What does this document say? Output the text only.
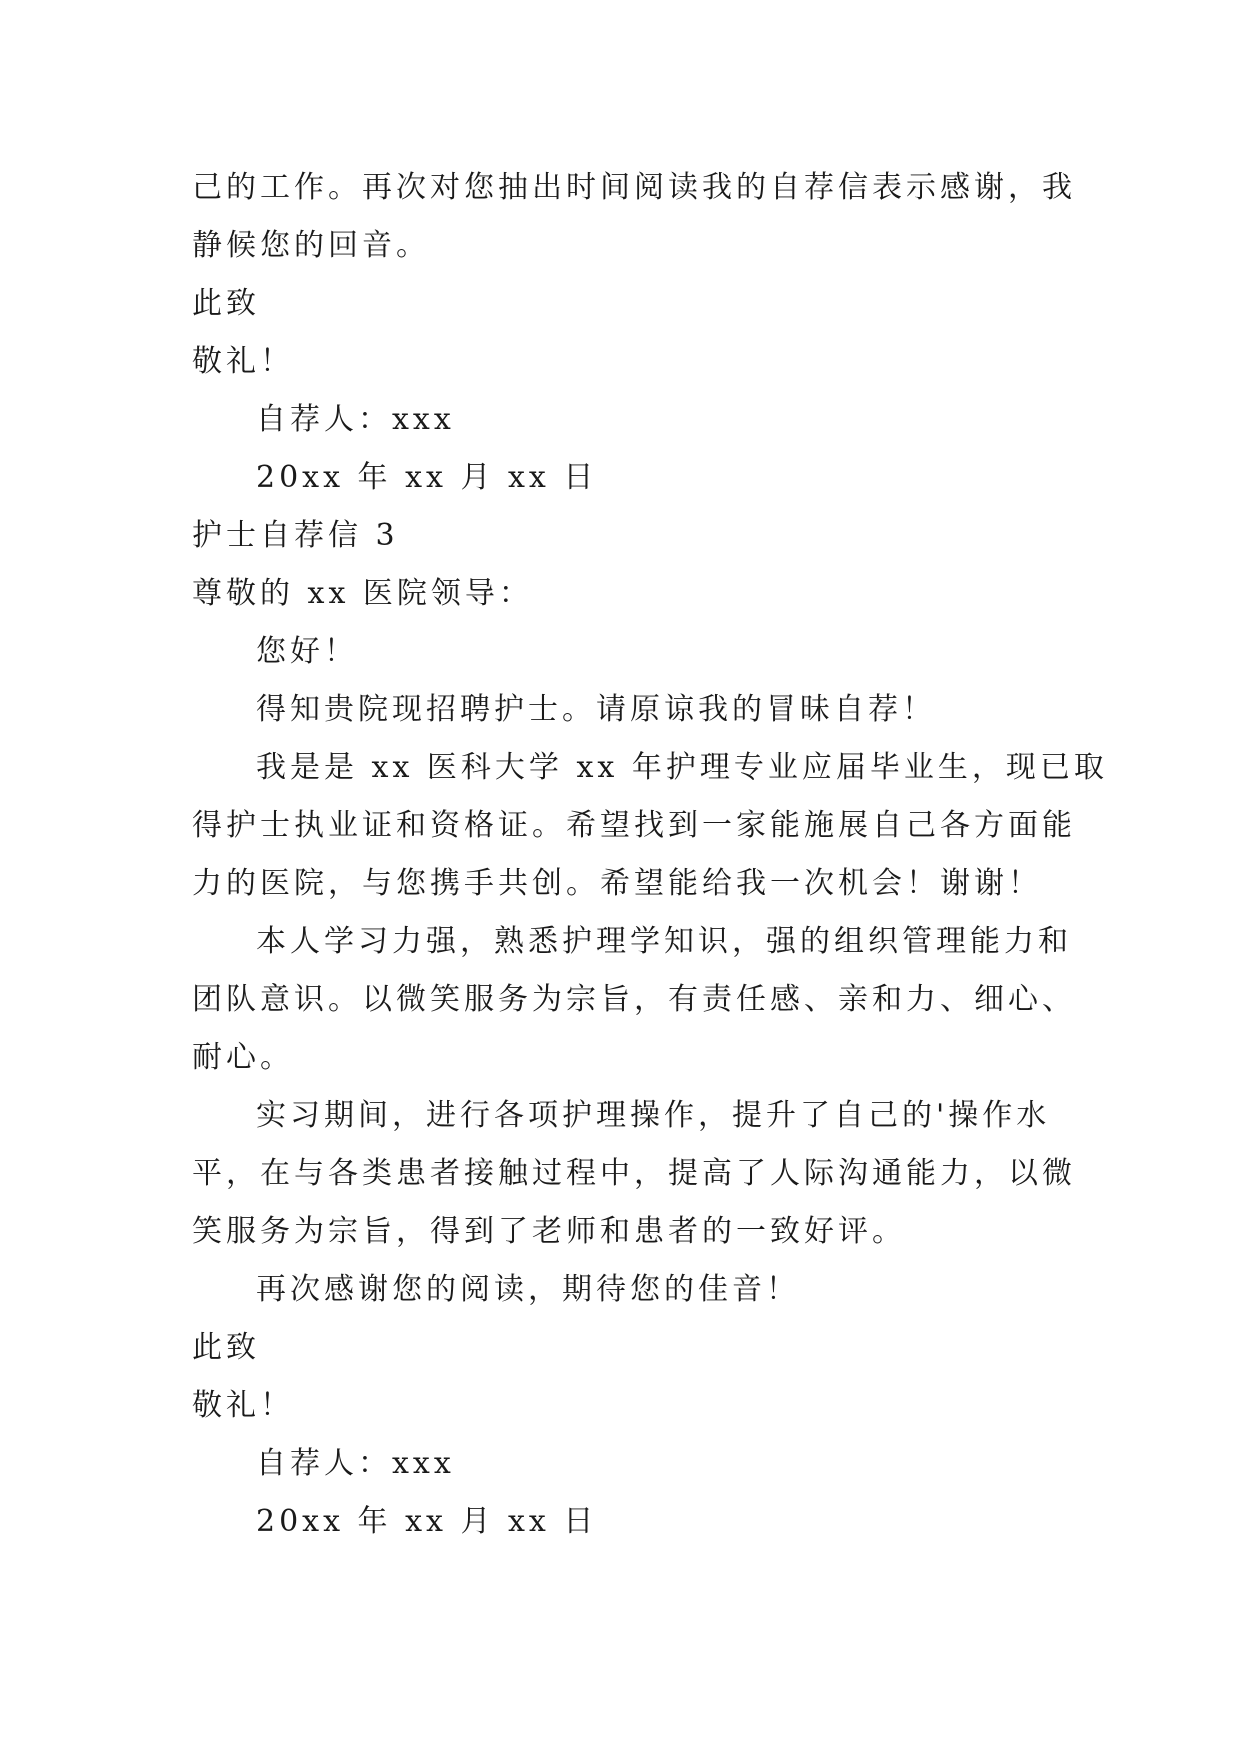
己的工作。再次对您抽出时间阅读我的自荐信表示感谢，我
静候您的回音。
此致
敬礼！
自荐人：xxx
20xx 年 xx 月 xx 日
护士自荐信 3
尊敬的 xx 医院领导：
您好！
得知贵院现招聘护士。请原谅我的冒昧自荐！
我是是 xx 医科大学 xx 年护理专业应届毕业生，现已取
得护士执业证和资格证。希望找到一家能施展自己各方面能
力的医院，与您携手共创。希望能给我一次机会！谢谢！
本人学习力强，熟悉护理学知识，强的组织管理能力和
团队意识。以微笑服务为宗旨，有责任感、亲和力、细心、
耐心。
实习期间，进行各项护理操作，提升了自己的'操作水
平，在与各类患者接触过程中，提高了人际沟通能力，以微
笑服务为宗旨，得到了老师和患者的一致好评。
再次感谢您的阅读，期待您的佳音！
此致
敬礼！
自荐人：xxx
20xx 年 xx 月 xx 日
